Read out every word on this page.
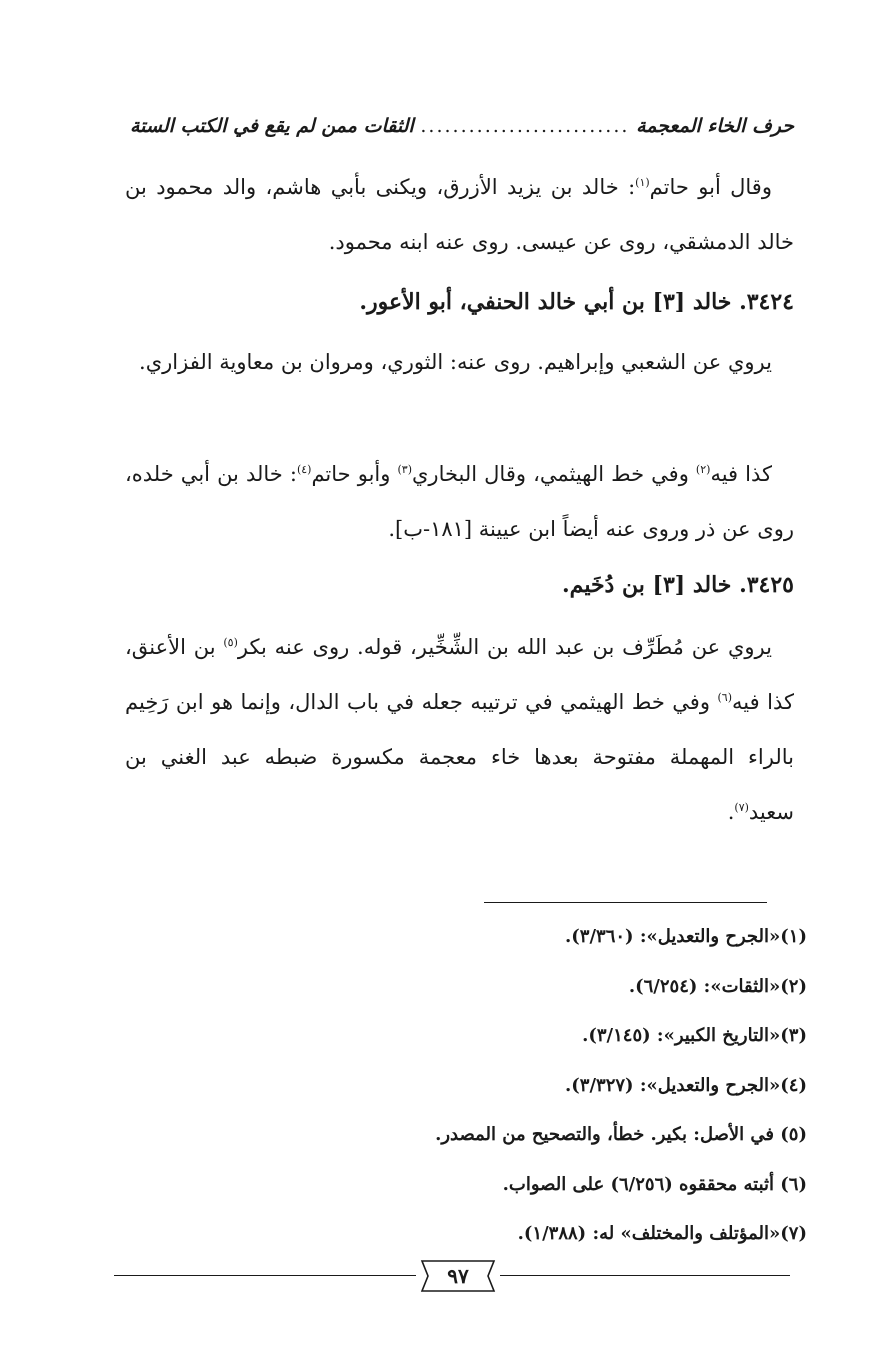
حرف الخاء المعجمة
..........................
الثقات ممن لم يقع في الكتب الستة

وقال أبو حاتم$^{(١)}$: خالد بن يزيد الأزرق، ويكنى بأبي هاشم، والد محمود بن خالد الدمشقي، روى عن عيسى. روى عنه ابنه محمود.

٣٤٢٤. خالد [٣] بن أبي خالد الحنفي، أبو الأعور.

يروي عن الشعبي وإبراهيم. روى عنه: الثوري، ومروان بن معاوية الفزاري.

كذا فيه$^{(٢)}$ وفي خط الهيثمي، وقال البخاري$^{(٣)}$ وأبو حاتم$^{(٤)}$: خالد بن أبي خلده، روى عن ذر وروى عنه أيضاً ابن عيينة [١٨١-ب].

٣٤٢٥. خالد [٣] بن دُخَيم.

يروي عن مُطَرِّف بن عبد الله بن الشِّخِّير، قوله. روى عنه بكر$^{(٥)}$ بن الأعنق، كذا فيه$^{(٦)}$ وفي خط الهيثمي في ترتيبه جعله في باب الدال، وإنما هو ابن رَخِيم بالراء المهملة مفتوحة بعدها خاء معجمة مكسورة ضبطه عبد الغني بن سعيد$^{(٧)}$.

(١)«الجرح والتعديل»: (٣/٣٦٠).

(٢)«الثقات»: (٦/٢٥٤).

(٣)«التاريخ الكبير»: (٣/١٤٥).

(٤)«الجرح والتعديل»: (٣/٣٢٧).

(٥) في الأصل: بكير. خطأ، والتصحيح من المصدر.

(٦) أثبته محققوه (٦/٢٥٦) على الصواب.

(٧)«المؤتلف والمختلف» له: (١/٣٨٨).

٩٧
